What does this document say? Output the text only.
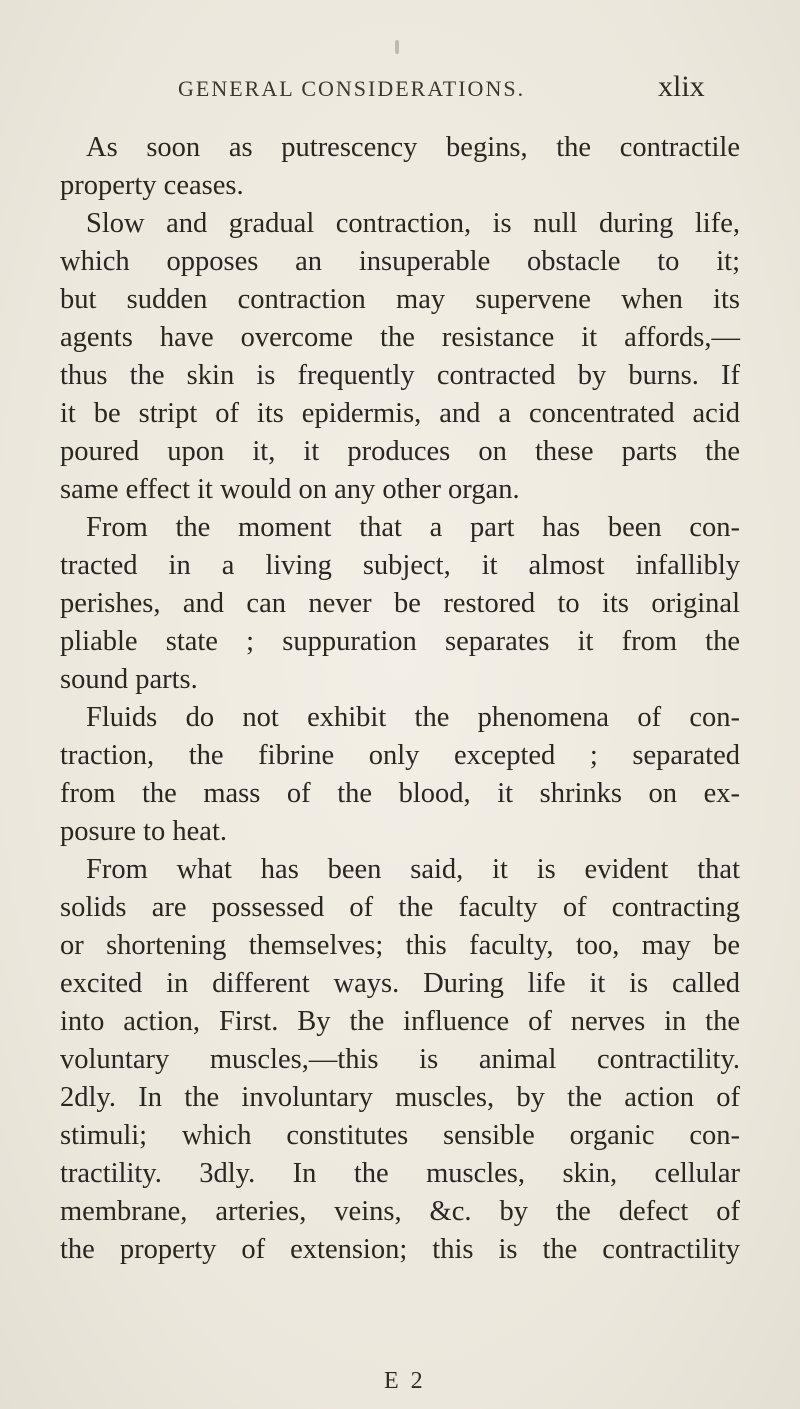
GENERAL CONSIDERATIONS.	xlix
As soon as putrescency begins, the contractile
property ceases.
Slow and gradual contraction, is null during life,
which opposes an insuperable obstacle to it;
but sudden contraction may supervene when its
agents have overcome the resistance it affords,—
thus the skin is frequently contracted by burns. If
it be stript of its epidermis, and a concentrated acid
poured upon it, it produces on these parts the
same effect it would on any other organ.
From the moment that a part has been con-
tracted in a living subject, it almost infallibly
perishes, and can never be restored to its original
pliable state ; suppuration separates it from the
sound parts.
Fluids do not exhibit the phenomena of con-
traction, the fibrine only excepted ; separated
from the mass of the blood, it shrinks on ex-
posure to heat.
From what has been said, it is evident that
solids are possessed of the faculty of contracting
or shortening themselves; this faculty, too, may be
excited in different ways. During life it is called
into action, First. By the influence of nerves in the
voluntary muscles,—this is animal contractility.
2dly. In the involuntary muscles, by the action of
stimuli; which constitutes sensible organic con-
tractility. 3dly. In the muscles, skin, cellular
membrane, arteries, veins, &c. by the defect of
the property of extension; this is the contractility
E 2
